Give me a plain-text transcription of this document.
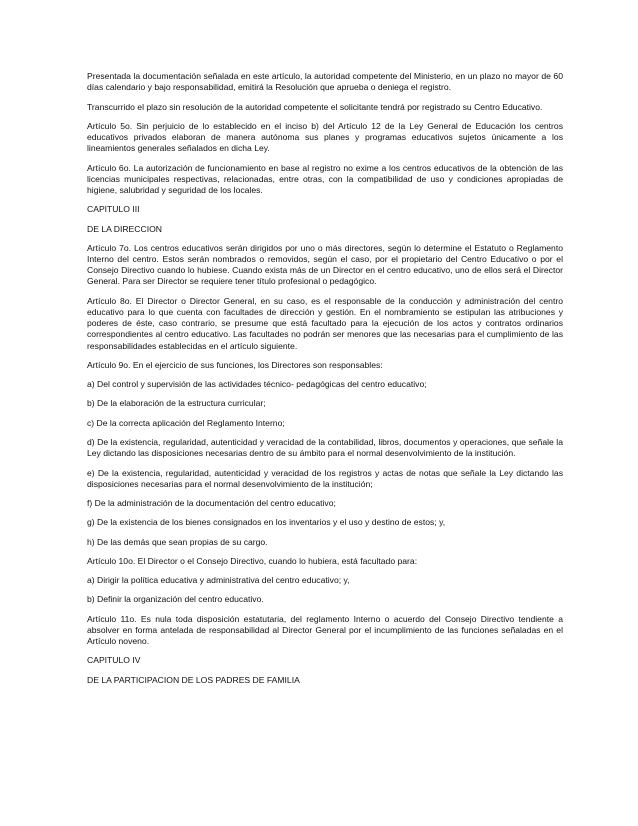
Presentada la documentación señalada en este artículo, la autoridad competente del Ministerio, en un plazo no mayor de 60 días calendario y bajo responsabilidad, emitirá la Resolución que aprueba o deniega el registro.

Transcurrido el plazo sin resolución de la autoridad competente el solicitante tendrá por registrado su Centro Educativo.

Artículo 5o. Sin perjuicio de lo establecido en el inciso b) del Artículo 12 de la Ley General de Educación los centros educativos privados elaboran de manera autónoma sus planes y programas educativos sujetos únicamente a los lineamientos generales señalados en dicha Ley.

Artículo 6o. La autorización de funcionamiento en base al registro no exime a los centros educativos de la obtención de las licencias municipales respectivas, relacionadas, entre otras, con la compatibilidad de uso y condiciones apropiadas de higiene, salubridad y seguridad de los locales.

CAPITULO III

DE LA DIRECCION

Artículo 7o. Los centros educativos serán dirigidos por uno o más directores, según lo determine el Estatuto o Reglamento Interno del centro. Estos serán nombrados o removidos, según el caso, por el propietario del Centro Educativo o por el Consejo Directivo cuando lo hubiese. Cuando exista más de un Director en el centro educativo, uno de ellos será el Director General. Para ser Director se requiere tener título profesional o pedagógico.

Artículo 8o. El Director o Director General, en su caso, es el responsable de la conducción y administración del centro educativo para lo que cuenta con facultades de dirección y gestión. En el nombramiento se estipulan las atribuciones y poderes de éste, caso contrario, se presume que está facultado para la ejecución de los actos y contratos ordinarios correspondientes al centro educativo. Las facultades no podrán ser menores que las necesarias para el cumplimiento de las responsabilidades establecidas en el artículo siguiente.

Artículo 9o. En el ejercicio de sus funciones, los Directores son responsables:

a) Del control y supervisión de las actividades técnico- pedagógicas del centro educativo;

b) De la elaboración de la estructura curricular;

c) De la correcta aplicación del Reglamento Interno;

d) De la existencia, regularidad, autenticidad y veracidad de la contabilidad, libros, documentos y operaciones, que señale la Ley dictando las disposiciones necesarias dentro de su ámbito para el normal desenvolvimiento de la institución.

e) De la existencia, regularidad, autenticidad y veracidad de los registros y actas de notas que señale la Ley dictando las disposiciones necesarias para el normal desenvolvimiento de la institución;

f) De la administración de la documentación del centro educativo;

g) De la existencia de los bienes consignados en los inventarios y el uso y destino de estos; y,

h) De las demás que sean propias de su cargo.

Artículo 10o. El Director o el Consejo Directivo, cuando lo hubiera, está facultado para:

a) Dirigir la política educativa y administrativa del centro educativo; y,

b) Definir la organización del centro educativo.

Artículo 11o. Es nula toda disposición estatutaria, del reglamento Interno o acuerdo del Consejo Directivo tendiente a absolver en forma antelada de responsabilidad al Director General por el incumplimiento de las funciones señaladas en el Artículo noveno.

CAPITULO IV

DE LA PARTICIPACION DE LOS PADRES DE FAMILIA
